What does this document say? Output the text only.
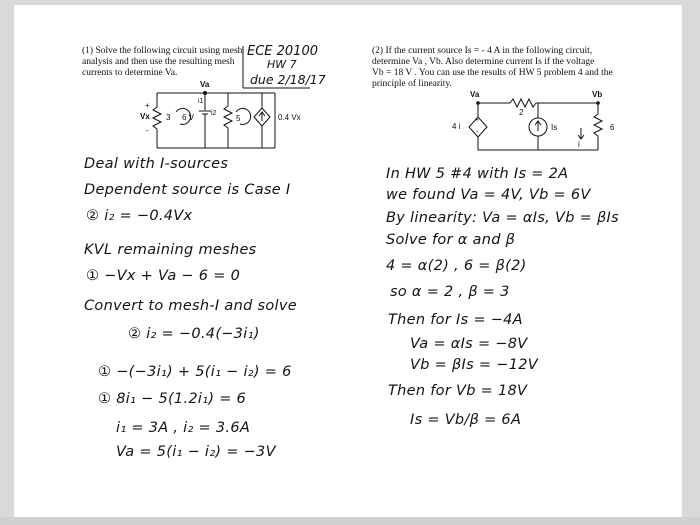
(1) Solve the following circuit using mesh
analysis and then use the resulting mesh
currents to determine Va.
ECE 20100
HW 7
due 2/18/17
Va
+
Vx
-
3 6 V
i1
i2
5	0.4 Vx
Deal with I-sources
Dependent source is Case I
② i₂ = −0.4Vx
KVL remaining meshes
① −Vx + Va − 6 = 0
Convert to mesh-I and solve
② i₂ = −0.4(−3i₁)
① −(−3i₁) + 5(i₁ − i₂) = 6
① 8i₁ − 5(1.2i₁) = 6
i₁ = 3A , i₂ = 3.6A
Va = 5(i₁ − i₂) = −3V
(2) If the current source Is = - 4 A in the following circuit,
determine Va , Vb. Also determine current Is if the voltage
Vb = 18 V . You can use the results of HW 5 problem 4 and the
principle of linearity.
Va	Vb
2
4 i
+
-
Is
i
6
In HW 5 #4 with Is = 2A
we found Va = 4V, Vb = 6V
By linearity: Va = αIs, Vb = βIs
Solve for α and β
4 = α(2) , 6 = β(2)
so α = 2 , β = 3
Then for Is = −4A
Va = αIs = −8V
Vb = βIs = −12V
Then for Vb = 18V
Is = Vb/β = 6A
